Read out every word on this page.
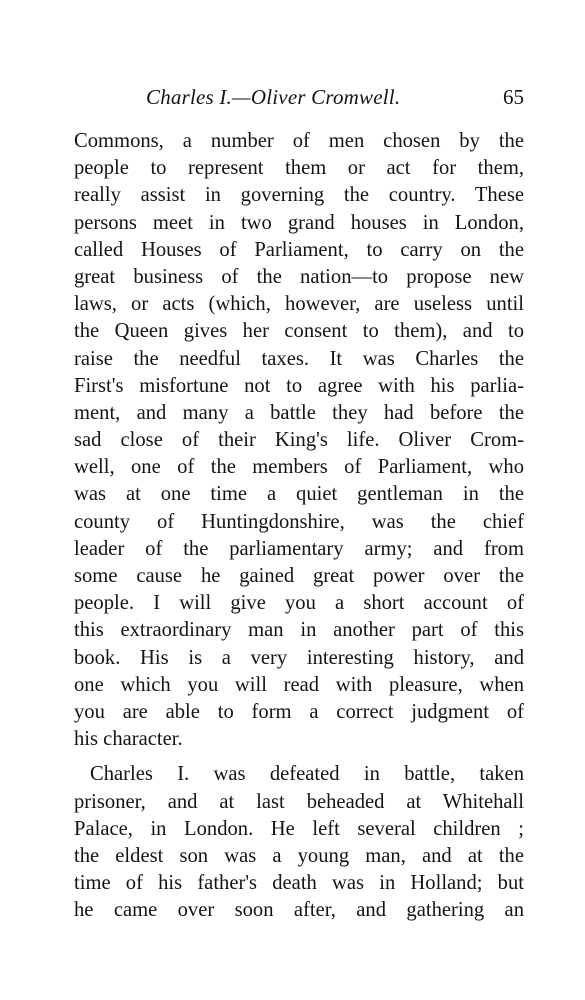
Charles I.—Oliver Cromwell.	65
Commons, a number of men chosen by the
people to represent them or act for them,
really assist in governing the country. These
persons meet in two grand houses in London,
called Houses of Parliament, to carry on the
great business of the nation—to propose new
laws, or acts (which, however, are useless until
the Queen gives her consent to them), and to
raise the needful taxes. It was Charles the
First's misfortune not to agree with his parlia-
ment, and many a battle they had before the
sad close of their King's life. Oliver Crom-
well, one of the members of Parliament, who
was at one time a quiet gentleman in the
county of Huntingdonshire, was the chief
leader of the parliamentary army; and from
some cause he gained great power over the
people. I will give you a short account of
this extraordinary man in another part of this
book. His is a very interesting history, and
one which you will read with pleasure, when
you are able to form a correct judgment of
his character.
Charles I. was defeated in battle, taken
prisoner, and at last beheaded at Whitehall
Palace, in London. He left several children ;
the eldest son was a young man, and at the
time of his father's death was in Holland; but
he came over soon after, and gathering an
